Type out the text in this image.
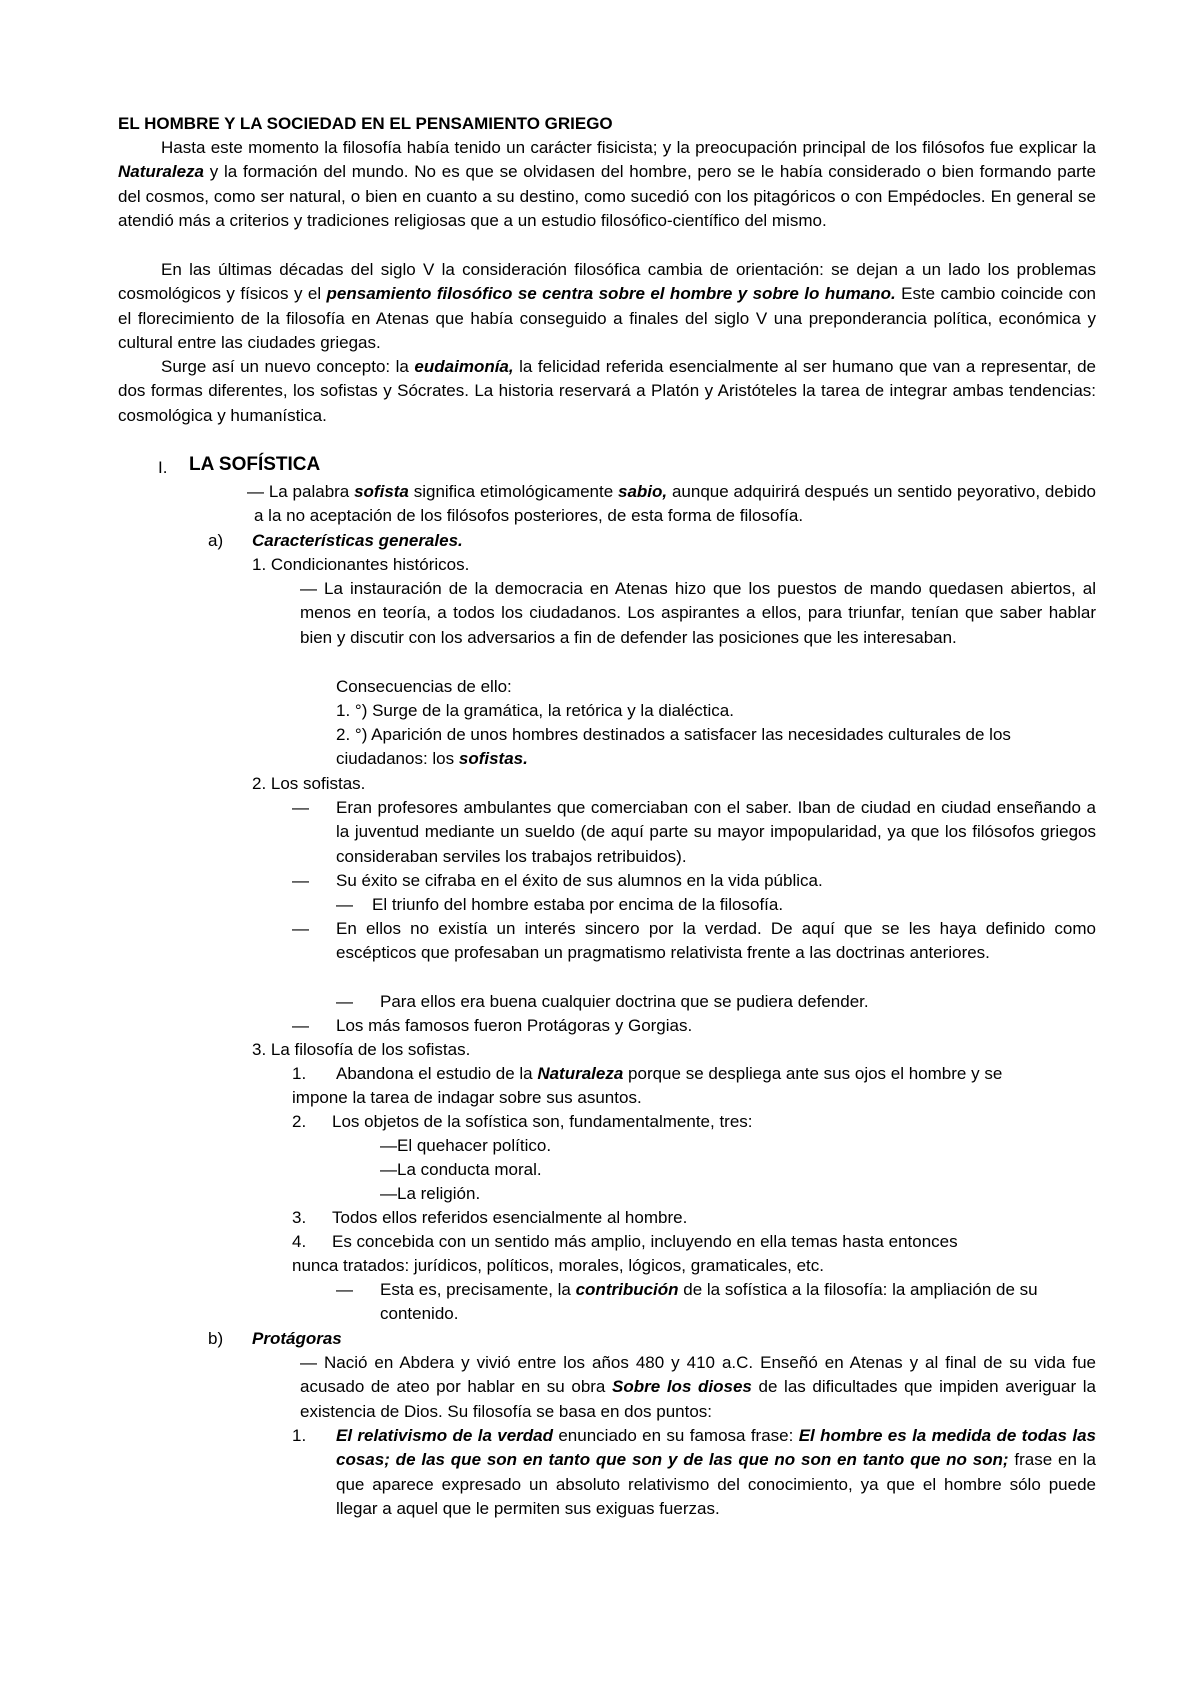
EL HOMBRE Y LA SOCIEDAD EN EL PENSAMIENTO GRIEGO

Hasta este momento la filosofía había tenido un carácter fisicista; y la preocupación principal de los filósofos fue explicar la Naturaleza y la formación del mundo. No es que se olvidasen del hombre, pero se le había considerado o bien formando parte del cosmos, como ser natural, o bien en cuanto a su destino, como sucedió con los pitagóricos o con Empédocles. En general se atendió más a criterios y tradiciones religiosas que a un estudio filosófico-científico del mismo.

En las últimas décadas del siglo V la consideración filosófica cambia de orientación: se dejan a un lado los problemas cosmológicos y físicos y el pensamiento filosófico se centra sobre el hombre y sobre lo humano. Este cambio coincide con el florecimiento de la filosofía en Atenas que había conseguido a finales del siglo V una preponderancia política, económica y cultural entre las ciudades griegas.

Surge así un nuevo concepto: la eudaimonía, la felicidad referida esencialmente al ser humano que van a representar, de dos formas diferentes, los sofistas y Sócrates. La historia reservará a Platón y Aristóteles la tarea de integrar ambas tendencias: cosmológica y humanística.

I. LA SOFÍSTICA

— La palabra sofista significa etimológicamente sabio, aunque adquirirá después un sentido peyorativo, debido a la no aceptación de los filósofos posteriores, de esta forma de filosofía.

a) Características generales.
1. Condicionantes históricos.

— La instauración de la democracia en Atenas hizo que los puestos de mando quedasen abiertos, al menos en teoría, a todos los ciudadanos. Los aspirantes a ellos, para triunfar, tenían que saber hablar bien y discutir con los adversarios a fin de defender las posiciones que les interesaban.

Consecuencias de ello:
1. °) Surge de la gramática, la retórica y la dialéctica.

2. °) Aparición de unos hombres destinados a satisfacer las necesidades culturales de los ciudadanos: los sofistas.

2. Los sofistas.
— Eran profesores ambulantes que comerciaban con el saber. Iban de ciudad en ciudad enseñando a la juventud mediante un sueldo (de aquí parte su mayor impopularidad, ya que los filósofos griegos consideraban serviles los trabajos retribuidos).

— Su éxito se cifraba en el éxito de sus alumnos en la vida pública.
— El triunfo del hombre estaba por encima de la filosofía.
— En ellos no existía un interés sincero por la verdad. De aquí que se les haya definido como escépticos que profesaban un pragmatismo relativista frente a las doctrinas anteriores.

— Para ellos era buena cualquier doctrina que se pudiera defender.
— Los más famosos fueron Protágoras y Gorgias.
3. La filosofía de los sofistas.
1. Abandona el estudio de la Naturaleza porque se despliega ante sus ojos el hombre y se
impone la tarea de indagar sobre sus asuntos.
2. Los objetos de la sofística son, fundamentalmente, tres:
—El quehacer político.
—La conducta moral.
—La religión.
3. Todos ellos referidos esencialmente al hombre.
4. Es concebida con un sentido más amplio, incluyendo en ella temas hasta entonces
nunca tratados: jurídicos, políticos, morales, lógicos, gramaticales, etc.
— Esta es, precisamente, la contribución de la sofística a la filosofía: la ampliación de su contenido.

b) Protágoras

— Nació en Abdera y vivió entre los años 480 y 410 a.C. Enseñó en Atenas y al final de su vida fue acusado de ateo por hablar en su obra Sobre los dioses de las dificultades que impiden averiguar la existencia de Dios. Su filosofía se basa en dos puntos:

1. El relativismo de la verdad enunciado en su famosa frase: El hombre es la medida de todas las cosas; de las que son en tanto que son y de las que no son en tanto que no son; frase en la que aparece expresado un absoluto relativismo del conocimiento, ya que el hombre sólo puede llegar a aquel que le permiten sus exiguas fuerzas.
